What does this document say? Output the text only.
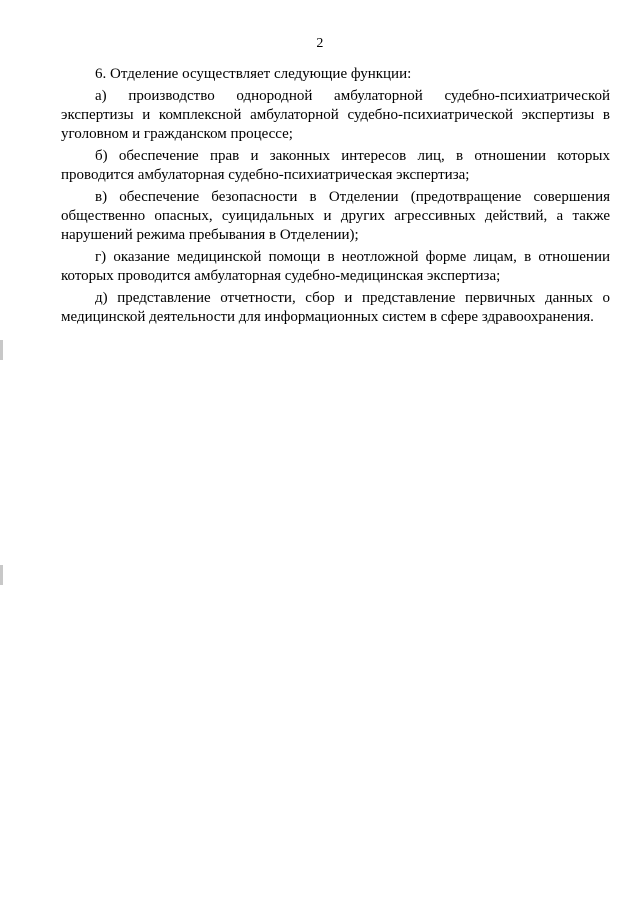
2

6. Отделение осуществляет следующие функции:

а) производство однородной амбулаторной судебно-психиатрической экспертизы и комплексной амбулаторной судебно-психиатрической экспертизы в уголовном и гражданском процессе;

б) обеспечение прав и законных интересов лиц, в отношении которых проводится амбулаторная судебно-психиатрическая экспертиза;

в) обеспечение безопасности в Отделении (предотвращение совершения общественно опасных, суицидальных и других агрессивных действий, а также нарушений режима пребывания в Отделении);

г) оказание медицинской помощи в неотложной форме лицам, в отношении которых проводится амбулаторная судебно-медицинская экспертиза;

д) представление отчетности, сбор и представление первичных данных о медицинской деятельности для информационных систем в сфере здравоохранения.
